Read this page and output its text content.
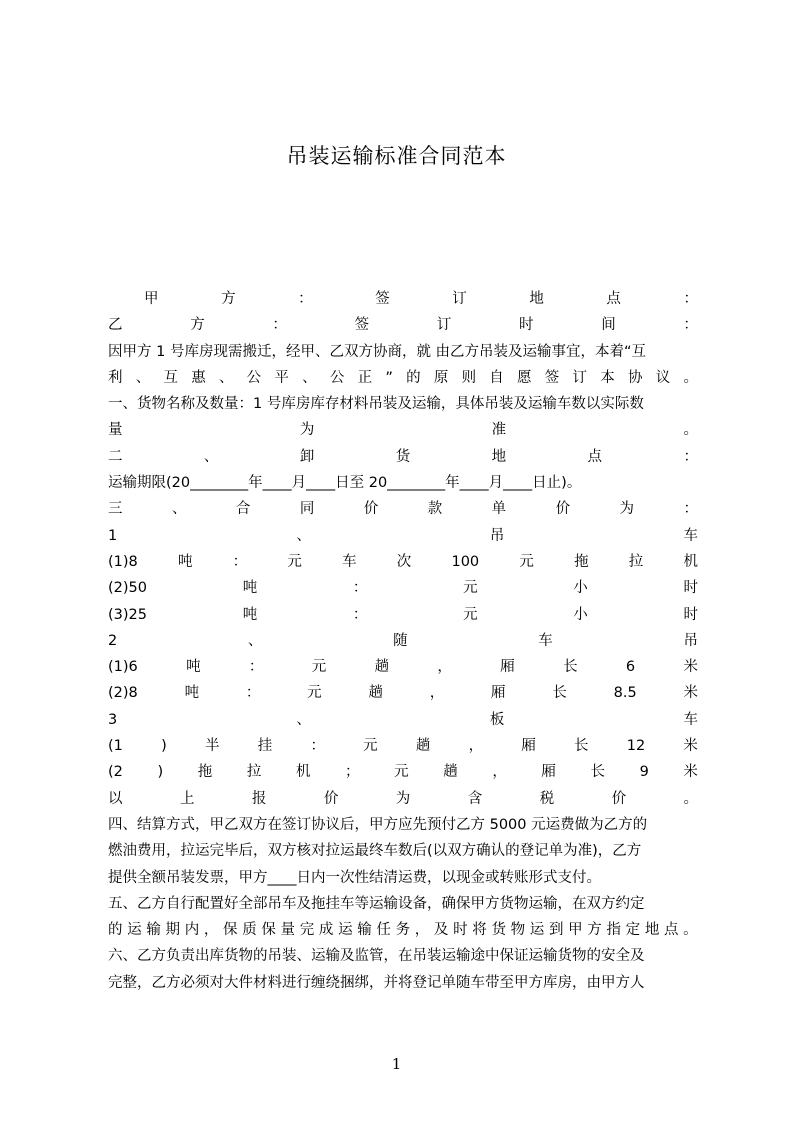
吊装运输标准合同范本
甲	方	：	签	订	地	点	：
乙	方	：	签	订	时	间	：
因甲方 1 号库房现需搬迁，经甲、乙双方协商，就 由乙方吊装及运输事宜，本着“互
利 、 互 惠 、 公 平 、 公 正 ” 的 原 则 自 愿 签 订 本 协 议 。
一、货物名称及数量：1 号库房库存材料吊装及运输，具体吊装及运输车数以实际数
量	为	准	。
二	、	卸	货	地	点	：
运输期限(20________年____月____日至 20________年____月____日止)。
三	、	合	同	价	款	单	价	为	：
1	、	吊	车
(1)8	吨	：	元	车	次	100	元	拖	拉	机
(2)50	吨	：	元	小	时
(3)25	吨	：	元	小	时
2	、	随	车	吊
(1)6	吨	：	元	趟	，	厢	长	6	米
(2)8	吨	：	元	趟	，	厢	长	8.5	米
3	、	板	车
(1	)	半	挂	：	元	趟	，	厢	长	12	米
(2 ) 拖 拉 机 ； 元 趟 ， 厢 长 9 米
以	上	报	价	为	含	税	价	。
四、结算方式，甲乙双方在签订协议后，甲方应先预付乙方 5000 元运费做为乙方的
燃油费用，拉运完毕后，双方核对拉运最终车数后(以双方确认的登记单为准)，乙方
提供全额吊装发票，甲方____日内一次性结清运费，以现金或转账形式支付。
五、乙方自行配置好全部吊车及拖挂车等运输设备，确保甲方货物运输，在双方约定
的 运 输 期 内 ， 保 质 保 量 完 成 运 输 任 务 ， 及 时 将 货 物 运 到 甲 方 指 定 地 点 。
六、乙方负责出库货物的吊装、运输及监管，在吊装运输途中保证运输货物的安全及
完整，乙方必须对大件材料进行缠绕捆绑，并将登记单随车带至甲方库房，由甲方人
1
